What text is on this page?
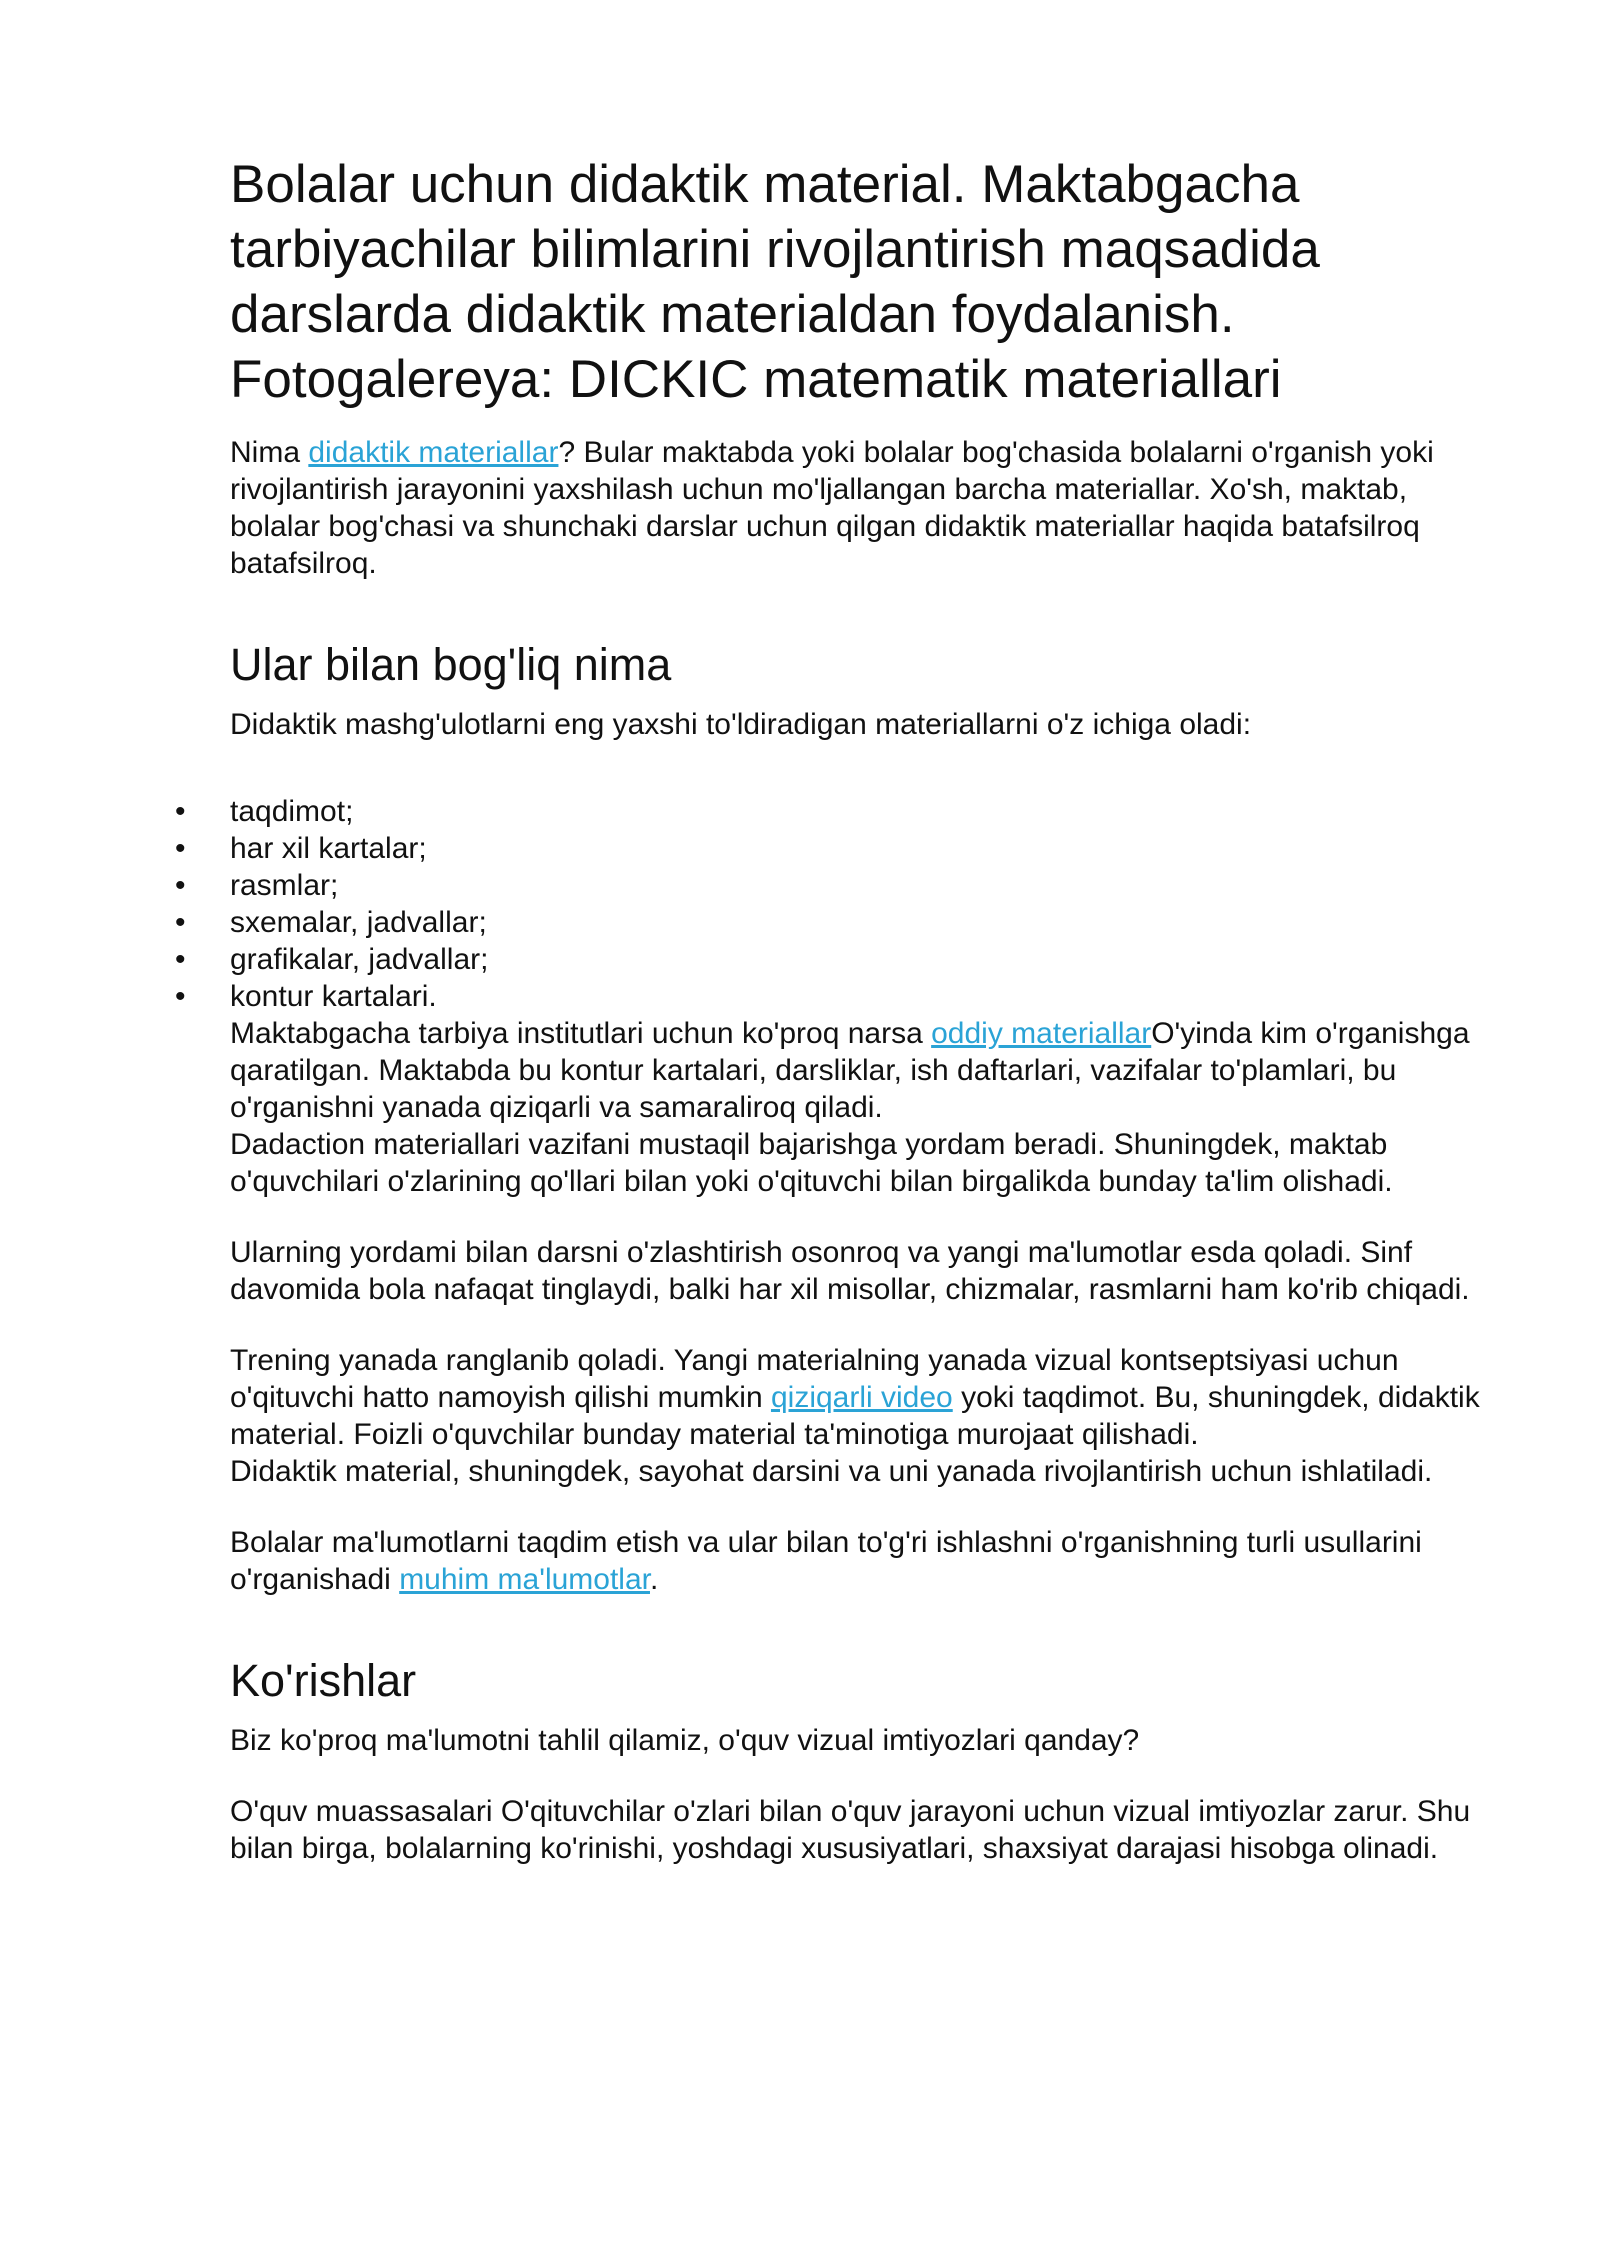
Bolalar uchun didaktik material. Maktabgacha tarbiyachilar bilimlarini rivojlantirish maqsadida darslarda didaktik materialdan foydalanish. Fotogalereya: DICKIC matematik materiallari

Nima didaktik materiallar? Bular maktabda yoki bolalar bog'chasida bolalarni o'rganish yoki rivojlantirish jarayonini yaxshilash uchun mo'ljallangan barcha materiallar. Xo'sh, maktab, bolalar bog'chasi va shunchaki darslar uchun qilgan didaktik materiallar haqida batafsilroq batafsilroq.

Ular bilan bog'liq nima

Didaktik mashg'ulotlarni eng yaxshi to'ldiradigan materiallarni o'z ichiga oladi:

• taqdimot;
• har xil kartalar;
• rasmlar;
• sxemalar, jadvallar;
• grafikalar, jadvallar;
• kontur kartalari.

Maktabgacha tarbiya institutlari uchun ko'proq narsa oddiy materiallarO'yinda kim o'rganishga qaratilgan. Maktabda bu kontur kartalari, darsliklar, ish daftarlari, vazifalar to'plamlari, bu o'rganishni yanada qiziqarli va samaraliroq qiladi.

Dadaction materiallari vazifani mustaqil bajarishga yordam beradi. Shuningdek, maktab o'quvchilari o'zlarining qo'llari bilan yoki o'qituvchi bilan birgalikda bunday ta'lim olishadi.

Ularning yordami bilan darsni o'zlashtirish osonroq va yangi ma'lumotlar esda qoladi. Sinf davomida bola nafaqat tinglaydi, balki har xil misollar, chizmalar, rasmlarni ham ko'rib chiqadi.

Trening yanada ranglanib qoladi. Yangi materialning yanada vizual kontseptsiyasi uchun o'qituvchi hatto namoyish qilishi mumkin qiziqarli video yoki taqdimot. Bu, shuningdek, didaktik material. Foizli o'quvchilar bunday material ta'minotiga murojaat qilishadi.

Didaktik material, shuningdek, sayohat darsini va uni yanada rivojlantirish uchun ishlatiladi.

Bolalar ma'lumotlarni taqdim etish va ular bilan to'g'ri ishlashni o'rganishning turli usullarini o'rganishadi muhim ma'lumotlar.

Ko'rishlar

Biz ko'proq ma'lumotni tahlil qilamiz, o'quv vizual imtiyozlari qanday?

O'quv muassasalari O'qituvchilar o'zlari bilan o'quv jarayoni uchun vizual imtiyozlar zarur. Shu bilan birga, bolalarning ko'rinishi, yoshdagi xususiyatlari, shaxsiyat darajasi hisobga olinadi.
